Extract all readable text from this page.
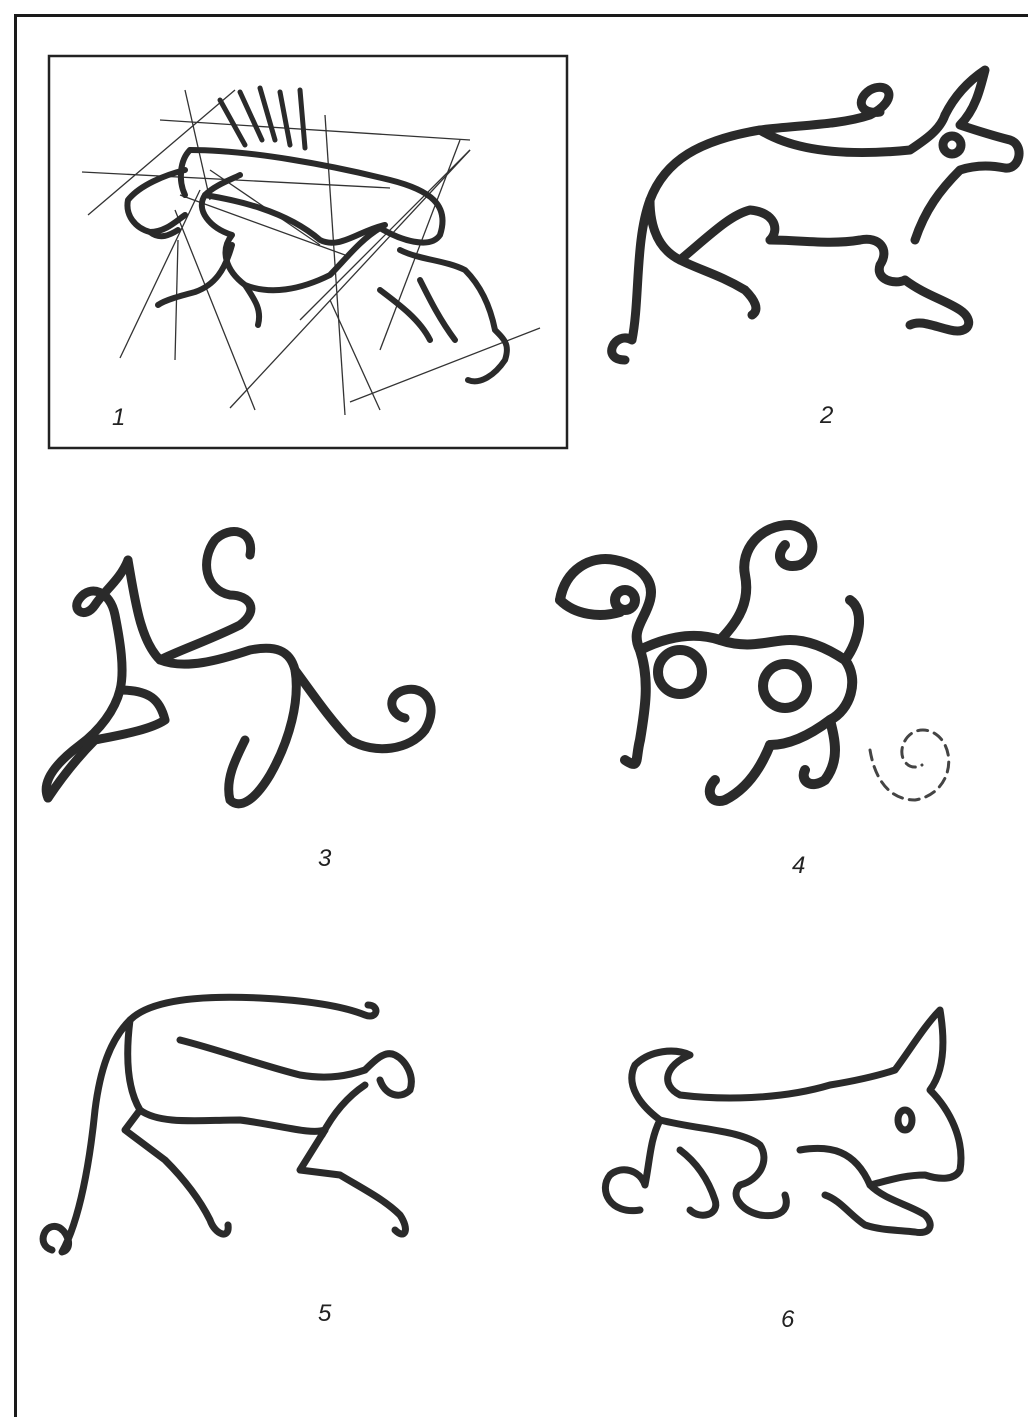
1	2
3	4
5	6
